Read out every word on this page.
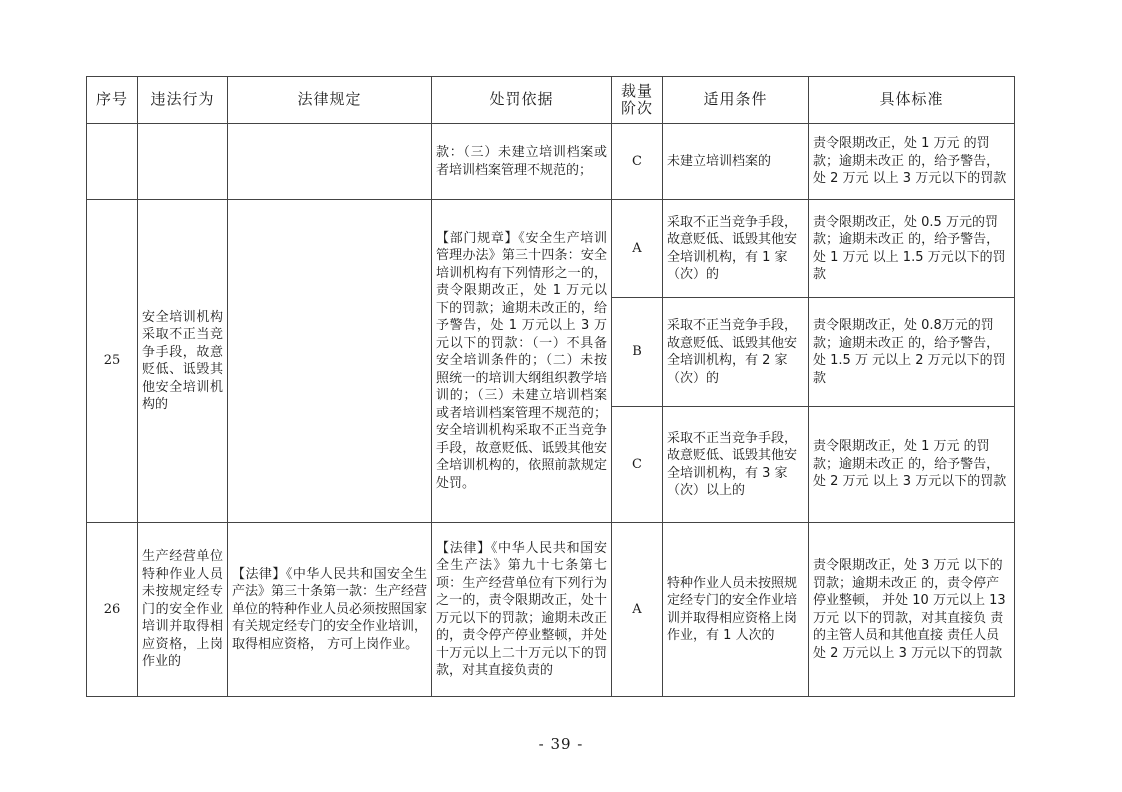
序号	违法行为	法律规定	处罚依据	裁量阶次	适用条件	具体标准
			款：（三）未建立培训档案或者培训档案管理不规范的；	C	未建立培训档案的	责令限期改正，处 1 万元 的罚款；逾期未改正 的，给予警告，处 2 万元 以上 3 万元以下的罚款
25	安全培训机构采取不正当竞争手段，故意贬低、诋毁其他安全培训机构的		【部门规章】《安全生产培训管理办法》第三十四条：安全培训机构有下列情形之一的，责令限期改正，处 1 万元以下的罚款；逾期未改正的，给予警告，处 1 万元以上 3 万元以下的罚款：（一）不具备安全培训条件的；（二）未按照统一的培训大纲组织教学培训的；（三）未建立培训档案或者培训档案管理不规范的；安全培训机构采取不正当竞争手段，故意贬低、诋毁其他安全培训机构的，依照前款规定处罚。	A	采取不正当竞争手段，故意贬低、诋毁其他安全培训机构，有 1 家（次）的	责令限期改正，处 0.5 万元的罚款；逾期未改正 的，给予警告，处 1 万元 以上 1.5 万元以下的罚款
				B	采取不正当竞争手段，故意贬低、诋毁其他安全培训机构，有 2 家（次）的	责令限期改正，处 0.8万元的罚款；逾期未改正 的，给予警告，处 1.5 万 元以上 2 万元以下的罚款
				C	采取不正当竞争手段，故意贬低、诋毁其他安全培训机构，有 3 家（次）以上的	责令限期改正，处 1 万元 的罚款；逾期未改正 的，给予警告，处 2 万元 以上 3 万元以下的罚款
26	生产经营单位特种作业人员未按规定经专门的安全作业培训并取得相应资格，上岗作业的	【法律】《中华人民共和国安全生产法》第三十条第一款：生产经营单位的特种作业人员必须按照国家有关规定经专门的安全作业培训，取得相应资格， 方可上岗作业。	【法律】《中华人民共和国安全生产法》第九十七条第七项：生产经营单位有下列行为之一的，责令限期改正，处十万元以下的罚款；逾期未改正的，责令停产停业整顿，并处十万元以上二十万元以下的罚款，对其直接负责的	A	特种作业人员未按照规定经专门的安全作业培训并取得相应资格上岗作业，有 1 人次的	责令限期改正，处 3 万元 以下的罚款；逾期未改正 的，责令停产停业整顿， 并处 10 万元以上 13 万元 以下的罚款，对其直接负 责的主管人员和其他直接 责任人员处 2 万元以上 3 万元以下的罚款
- 39 -
